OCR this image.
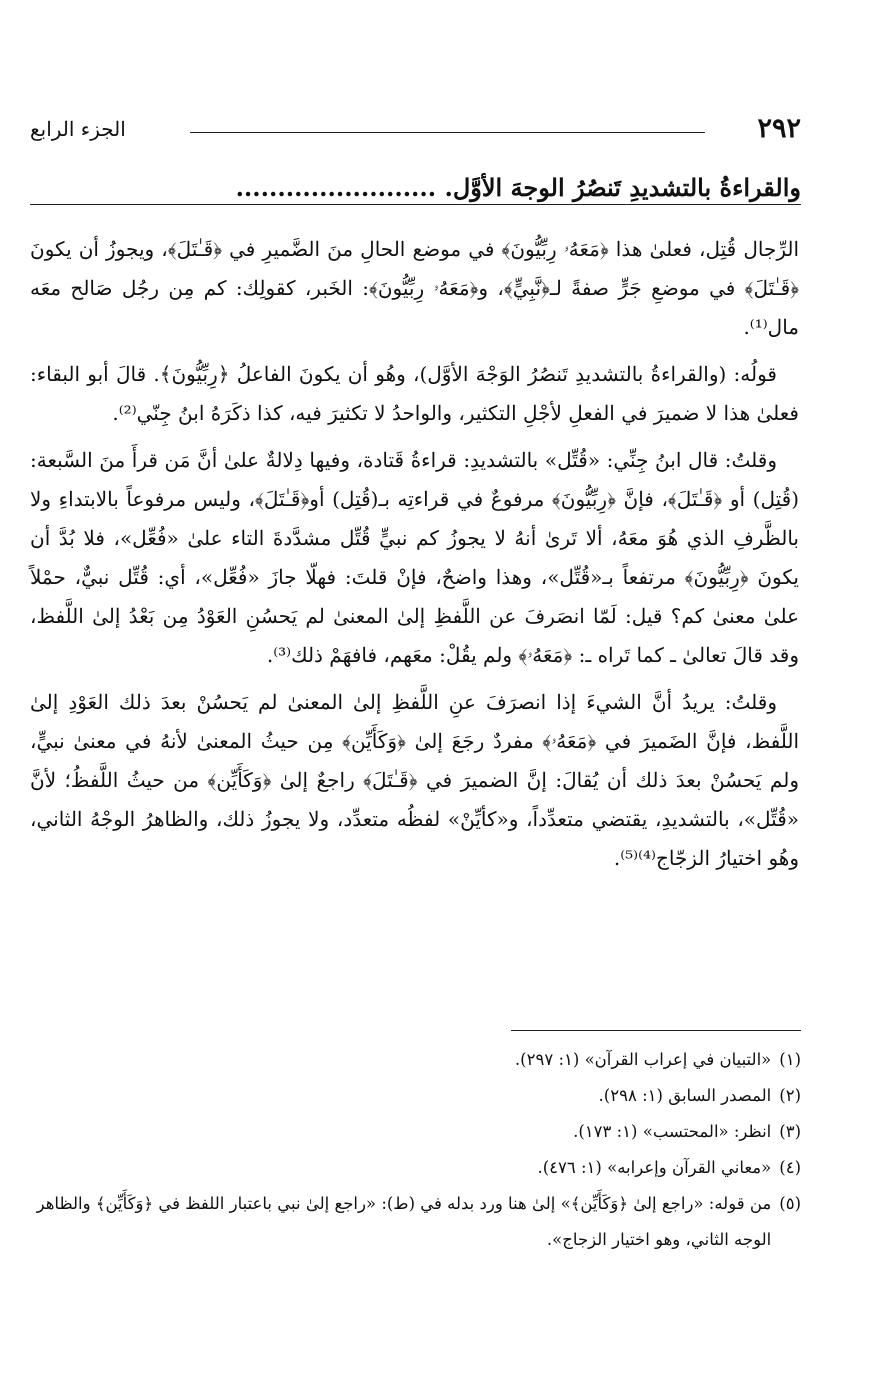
٢٩٢
الجزء الرابع
والقراءةُ بالتشديدِ تَنصُرُ الوجهَ الأوَّل. ........................

الرِّجال قُتِل، فعلىٰ هذا ﴿مَعَهُۥ رِبِّيُّونَ﴾ في موضع الحالِ منَ الضَّميرِ في ﴿قَـٰتَلَ﴾، ويجوزُ أن يكونَ ﴿قَـٰتَلَ﴾ في موضعِ جَرٍّ صفةً لـ﴿نَّبِيٍّ﴾، و﴿مَعَهُۥ رِبِّيُّونَ﴾: الخَبر، كقولِك: كم مِن رجُل صَالح معَه مال⁽¹⁾.

قولُه: (والقراءةُ بالتشديدِ تَنصُرُ الوَجْهَ الأوَّل)، وهُو أن يكونَ الفاعلُ ﴿رِبِّيُّونَ﴾. قالَ أبو البقاء: فعلىٰ هذا لا ضميرَ في الفعلِ لأجْلِ التكثير، والواحدُ لا تكثيرَ فيه، كذا ذكَرَهُ ابنُ جِنّي⁽²⁾.

وقلتُ: قال ابنُ جِنِّي: «قُتِّل» بالتشديدِ: قراءةُ قَتادة، وفيها دِلالةٌ علىٰ أنَّ مَن قرأَ منَ السَّبعة: (قُتِل) أو ﴿قَـٰتَلَ﴾، فإنَّ ﴿رِبِّيُّونَ﴾ مرفوعٌ في قراءتِه بـ(قُتِل) أو﴿قَـٰتَلَ﴾، وليس مرفوعاً بالابتداءِ ولا بالظَّرفِ الذي هُوَ معَهُ، ألا تَرىٰ أنهُ لا يجوزُ كم نبيٍّ قُتِّل مشدَّدةَ التاء علىٰ «فُعِّل»، فلا بُدَّ أن يكونَ ﴿رِبِّيُّونَ﴾ مرتفعاً بـ«قُتِّل»، وهذا واضحٌ، فإنْ قلتَ: فهلّا جازَ «فُعِّل»، أي: قُتِّل نبيٌّ، حمْلاً علىٰ معنىٰ كم؟ قيل: لَمّا انصَرفَ عن اللَّفظِ إلىٰ المعنىٰ لم يَحسُنِ العَوْدُ مِن بَعْدُ إلىٰ اللَّفظ، وقد قالَ تعالىٰ ـ كما تَراه ـ: ﴿مَعَهُۥ﴾ ولم يقُلْ: معَهم، فافهَمْ ذلك⁽³⁾.

وقلتُ: يريدُ أنَّ الشيءَ إذا انصرَفَ عنِ اللَّفظِ إلىٰ المعنىٰ لم يَحسُنْ بعدَ ذلك العَوْدِ إلىٰ اللَّفظ، فإنَّ الضَميرَ في ﴿مَعَهُۥ﴾ مفردٌ رجَعَ إلىٰ ﴿وَكَأَيِّن﴾ مِن حيثُ المعنىٰ لأنهُ في معنىٰ نبيٍّ، ولم يَحسُنْ بعدَ ذلك أن يُقالَ: إنَّ الضميرَ في ﴿قَـٰتَلَ﴾ راجعٌ إلىٰ ﴿وَكَأَيِّن﴾ من حيثُ اللَّفظُ؛ لأنَّ «قُتِّل»، بالتشديدِ، يقتضي متعدِّداً، و«كأيِّنْ» لفظُه متعدِّد، ولا يجوزُ ذلك، والظاهرُ الوجْهُ الثاني، وهُو اختيارُ الزجّاج⁽⁴⁾⁽⁵⁾.

(١)
«التبيان في إعراب القرآن» (١: ٢٩٧).
(٢)
المصدر السابق (١: ٢٩٨).
(٣)
انظر: «المحتسب» (١: ١٧٣).
(٤)
«معاني القرآن وإعرابه» (١: ٤٧٦).
(٥)
من قوله: «راجع إلىٰ ﴿وَكَأَيِّن﴾» إلىٰ هنا ورد بدله في (ط): «راجع إلىٰ نبي باعتبار اللفظ في ﴿وَكَأَيِّن﴾ والظاهر الوجه الثاني، وهو اختيار الزجاج».
